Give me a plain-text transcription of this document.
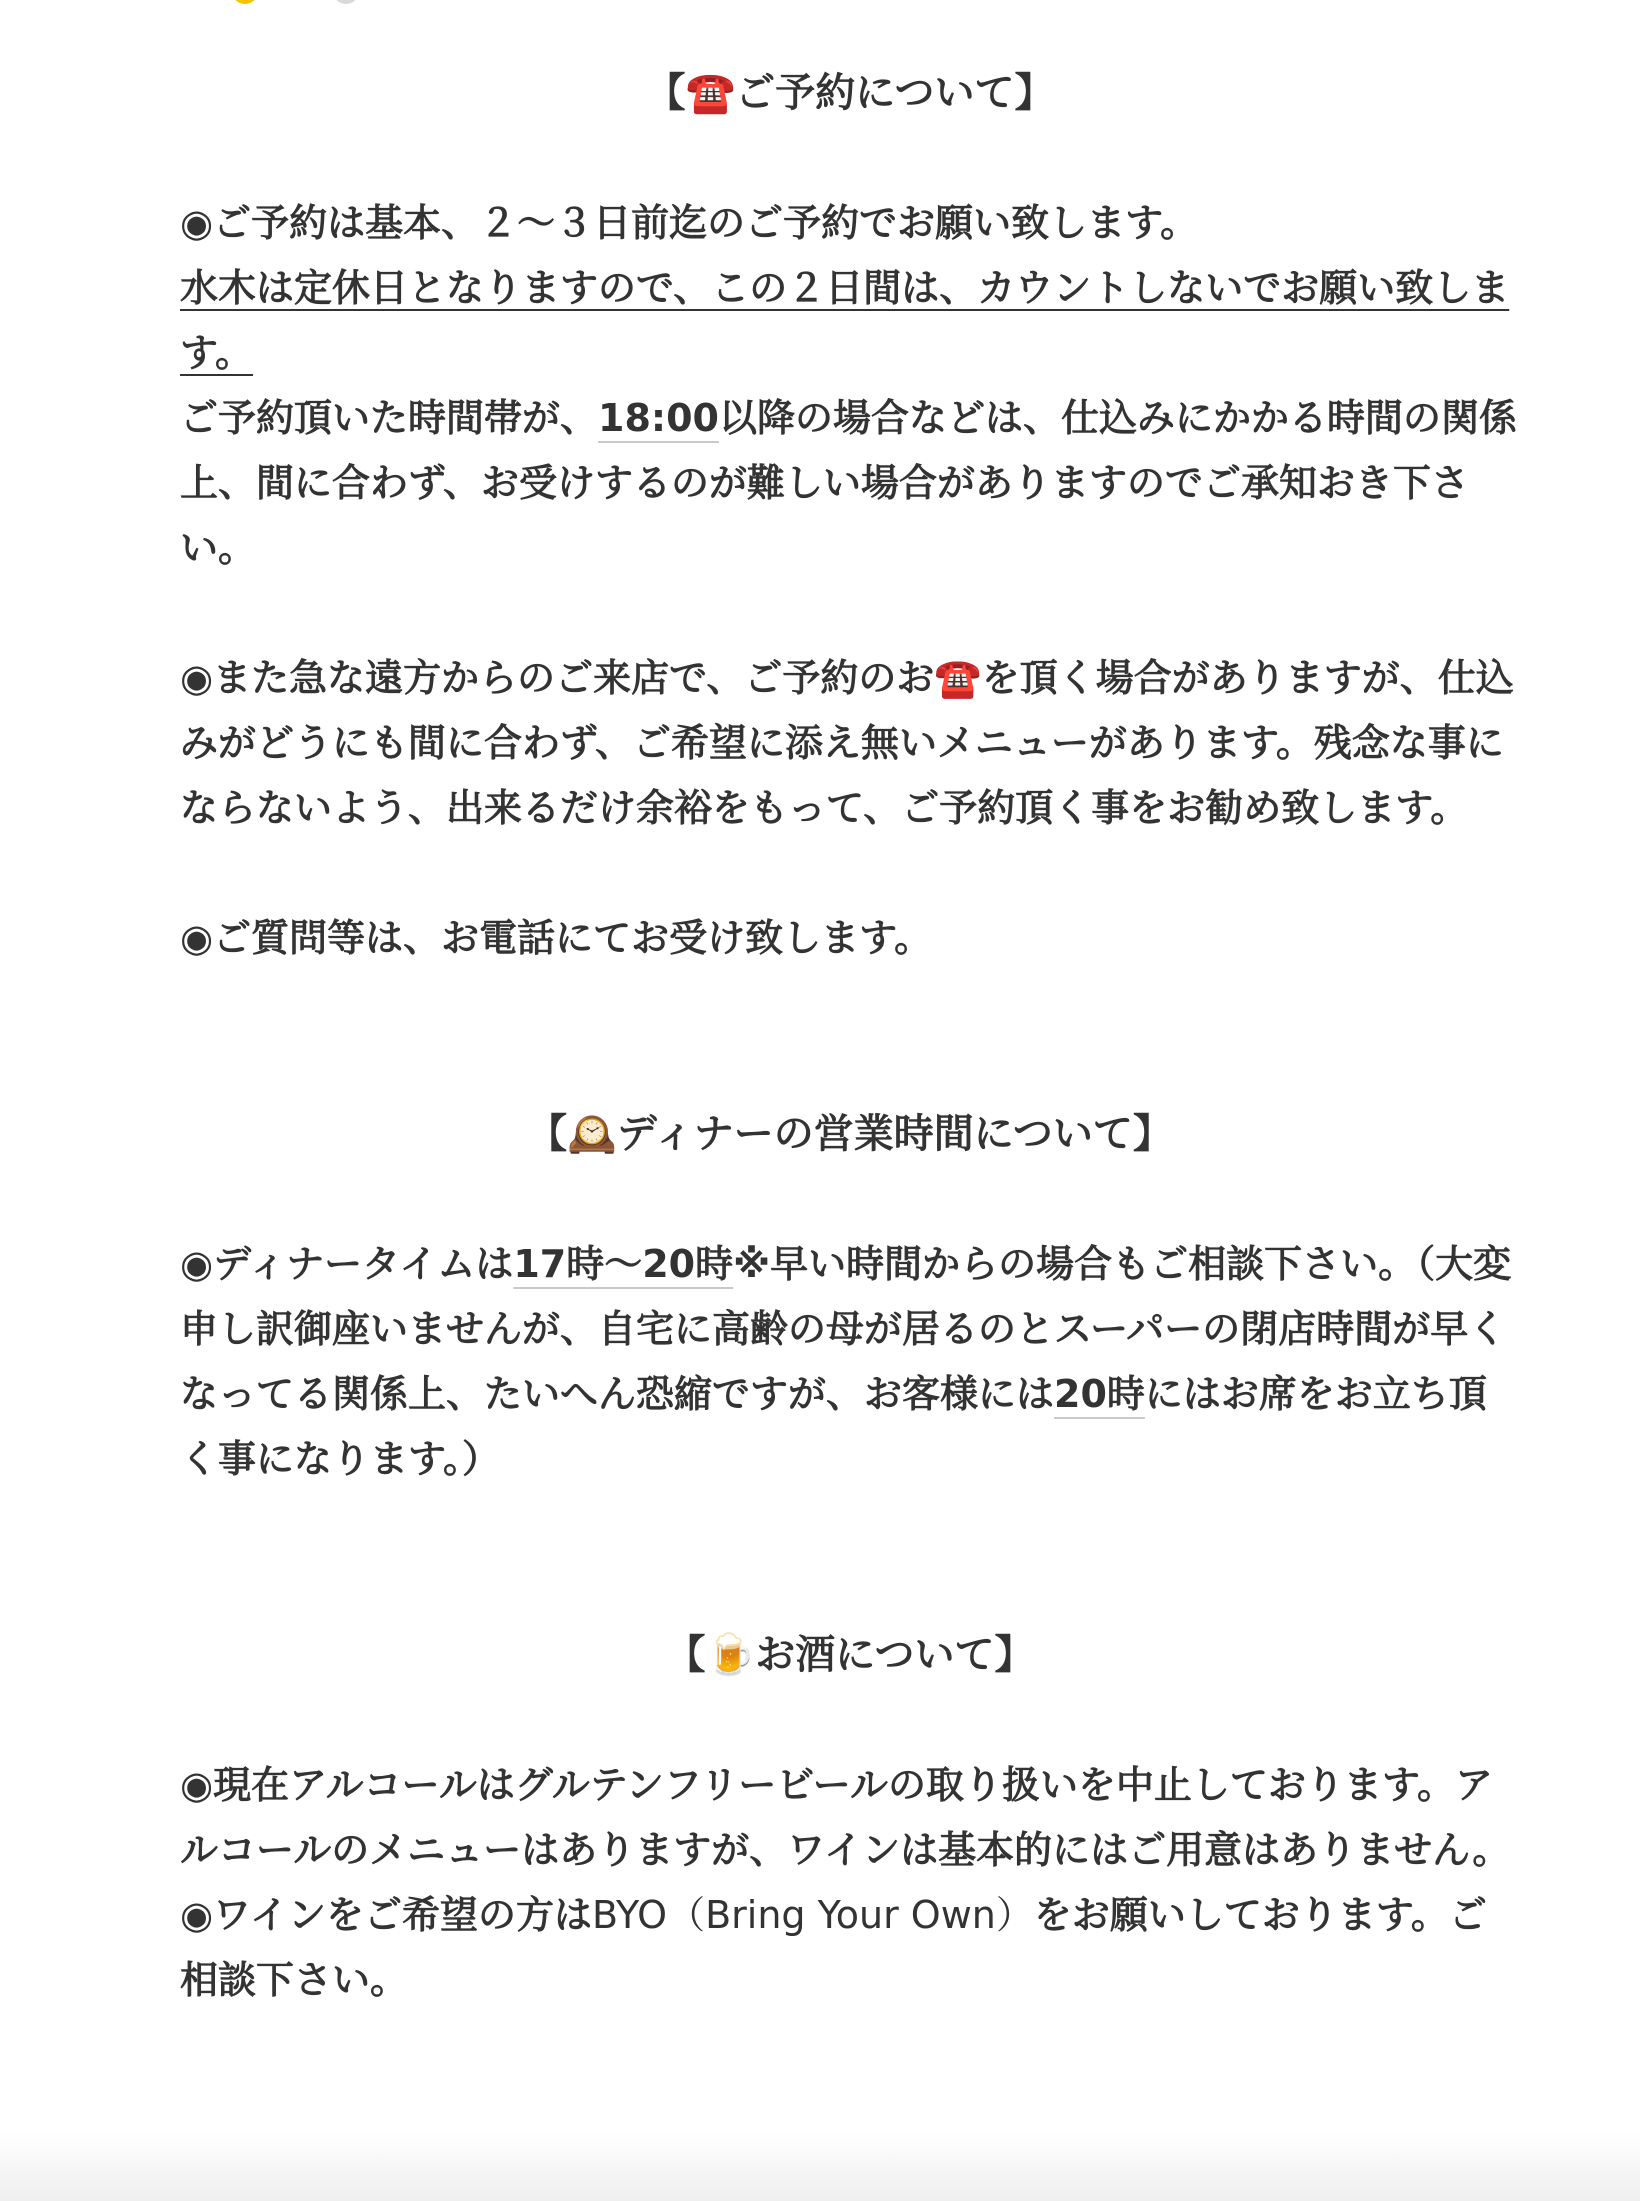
【☎️ご予約について】

◉ご予約は基本、２〜３日前迄のご予約でお願い致します。
水木は定休日となりますので、この２日間は、カウントしないでお願い致します。
ご予約頂いた時間帯が、18:00以降の場合などは、仕込みにかかる時間の関係上、間に合わず、お受けするのが難しい場合がありますのでご承知おき下さい。

◉また急な遠方からのご来店で、ご予約のお☎️を頂く場合がありますが、仕込みがどうにも間に合わず、ご希望に添え無いメニューがあります。残念な事にならないよう、出来るだけ余裕をもって、ご予約頂く事をお勧め致します。

◉ご質問等は、お電話にてお受け致します。

【🕰️ディナーの営業時間について】

◉ディナータイムは17時〜20時※早い時間からの場合もご相談下さい。（大変申し訳御座いませんが、自宅に高齢の母が居るのとスーパーの閉店時間が早くなってる関係上、たいへん恐縮ですが、お客様には20時にはお席をお立ち頂く事になります。）

【🍺お酒について】

◉現在アルコールはグルテンフリービールの取り扱いを中止しております。アルコールのメニューはありますが、ワインは基本的にはご用意はありません。
◉ワインをご希望の方はBYO（Bring Your Own）をお願いしております。ご相談下さい。
